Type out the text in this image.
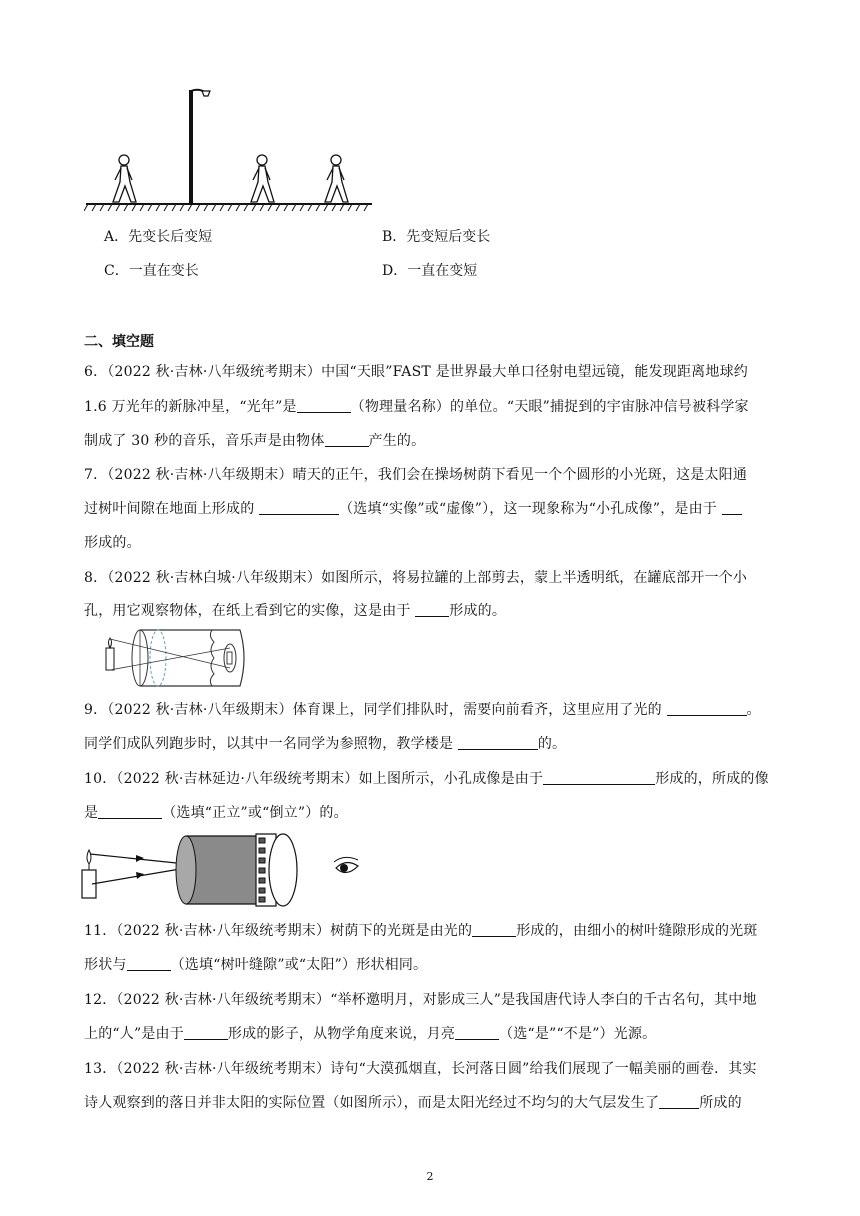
A．先变长后变短	B．先变短后变长
C．一直在变长	D．一直在变短
二、填空题
6．（2022 秋·吉林·八年级统考期末）中国“天眼”FAST 是世界最大单口径射电望远镜，能发现距离地球约
1.6 万光年的新脉冲星，“光年”是	（物理量名称）的单位。“天眼”捕捉到的宇宙脉冲信号被科学家
制成了 30 秒的音乐，音乐声是由物体	产生的。
7．（2022 秋·吉林·八年级期末）晴天的正午，我们会在操场树荫下看见一个个圆形的小光斑，这是太阳通
过树叶间隙在地面上形成的	（选填“实像”或“虚像”），这一现象称为“小孔成像”，是由于
形成的。
8．（2022 秋·吉林白城·八年级期末）如图所示，将易拉罐的上部剪去，蒙上半透明纸，在罐底部开一个小
孔，用它观察物体，在纸上看到它的实像，这是由于 形成的。
9．（2022 秋·吉林·八年级期末）体育课上，同学们排队时，需要向前看齐，这里应用了光的	。
同学们成队列跑步时，以其中一名同学为参照物，教学楼是	的。
10．（2022 秋·吉林延边·八年级统考期末）如上图所示，小孔成像是由于	形成的，所成的像
是	（选填“正立”或“倒立”）的。
11．（2022 秋·吉林·八年级统考期末）树荫下的光斑是由光的	形成的，由细小的树叶缝隙形成的光斑
形状与	（选填“树叶缝隙”或“太阳”）形状相同。
12．（2022 秋·吉林·八年级统考期末）“举杯邀明月，对影成三人”是我国唐代诗人李白的千古名句，其中地
上的“人”是由于	形成的影子，从物学角度来说，月亮	（选“是”“不是”）光源。
13．（2022 秋·吉林·八年级统考期末）诗句“大漠孤烟直，长河落日圆”给我们展现了一幅美丽的画卷．其实
诗人观察到的落日并非太阳的实际位置（如图所示），而是太阳光经过不均匀的大气层发生了	所成的
2
